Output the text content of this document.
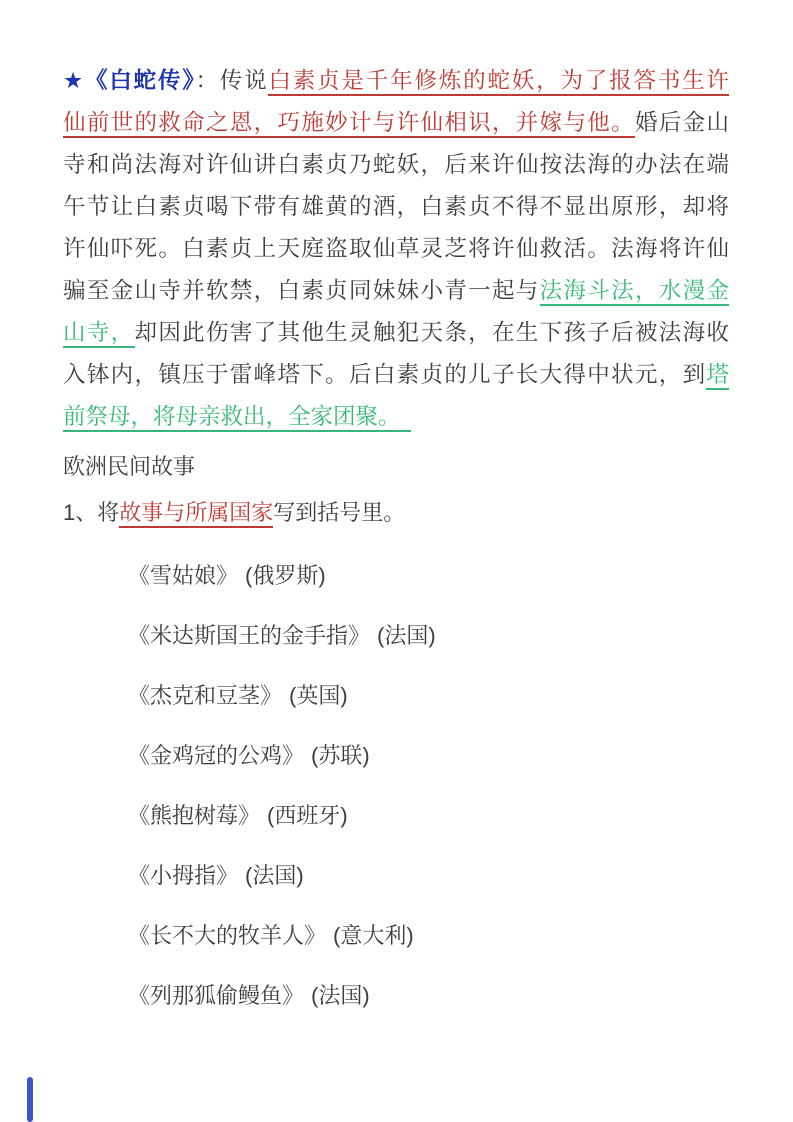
★《白蛇传》：传说白素贞是千年修炼的蛇妖，为了报答书生许
仙前世的救命之恩，巧施妙计与许仙相识，并嫁与他。婚后金山
寺和尚法海对许仙讲白素贞乃蛇妖，后来许仙按法海的办法在端
午节让白素贞喝下带有雄黄的酒，白素贞不得不显出原形，却将
许仙吓死。白素贞上天庭盗取仙草灵芝将许仙救活。法海将许仙
骗至金山寺并软禁，白素贞同妹妹小青一起与法海斗法，水漫金
山寺，却因此伤害了其他生灵触犯天条，在生下孩子后被法海收
入钵内，镇压于雷峰塔下。后白素贞的儿子长大得中状元，到塔
前祭母，将母亲救出，全家团聚。
欧洲民间故事
1、将故事与所属国家写到括号里。
《雪姑娘》 (俄罗斯)
《米达斯国王的金手指》 (法国)
《杰克和豆茎》 (英国)
《金鸡冠的公鸡》 (苏联)
《熊抱树莓》 (西班牙)
《小拇指》 (法国)
《长不大的牧羊人》 (意大利)
《列那狐偷鳗鱼》 (法国)
